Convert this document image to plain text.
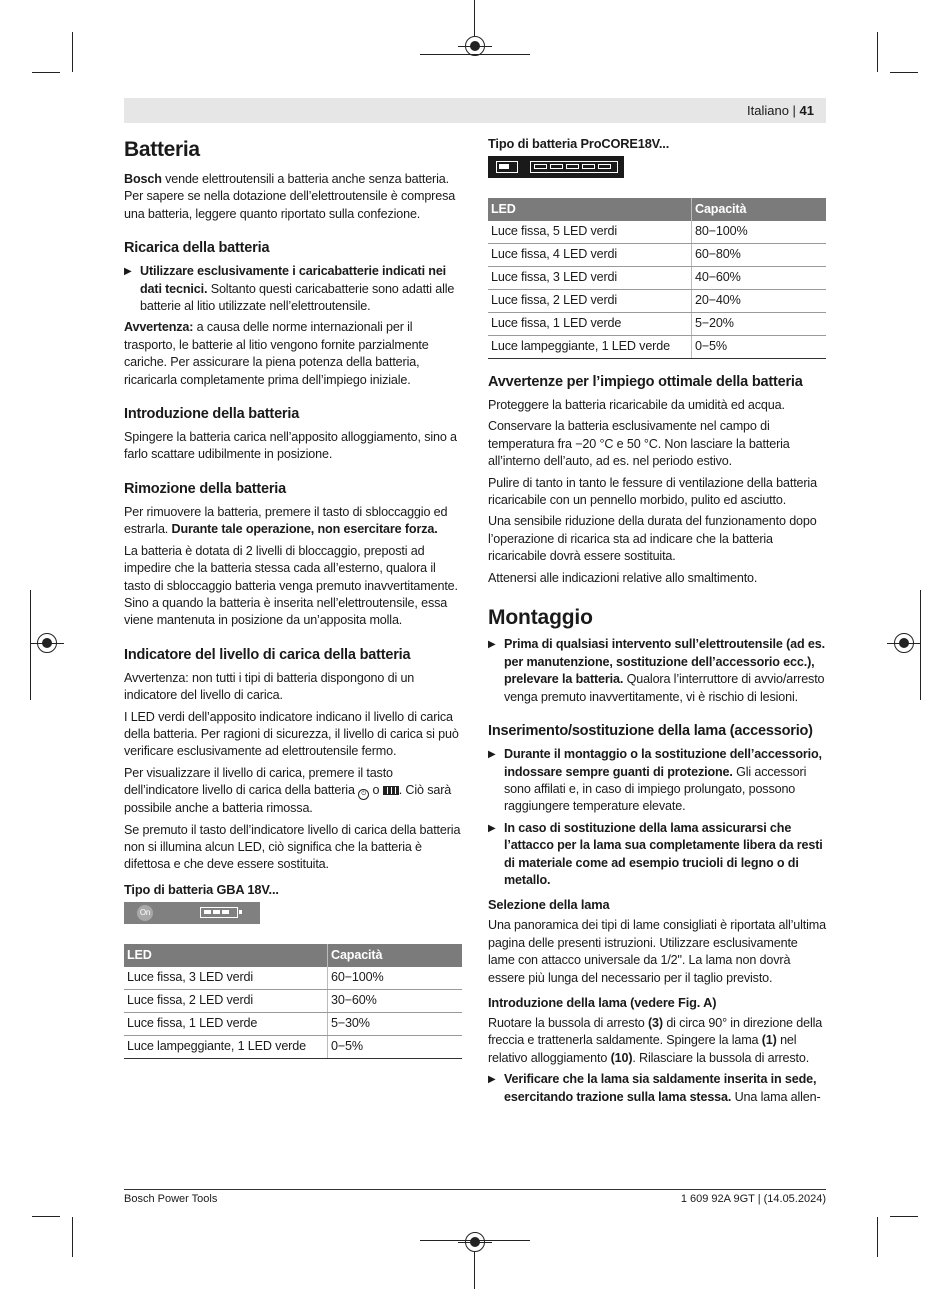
Italiano | 41
Batteria

Bosch vende elettroutensili a batteria anche senza batteria. Per sapere se nella dotazione dell’elettroutensile è compresa una batteria, leggere quanto riportato sulla confezione.

Ricarica della batteria
▶ Utilizzare esclusivamente i caricabatterie indicati nei dati tecnici. Soltanto questi caricabatterie sono adatti alle batterie al litio utilizzate nell’elettroutensile.

Avvertenza: a causa delle norme internazionali per il trasporto, le batterie al litio vengono fornite parzialmente cariche. Per assicurare la piena potenza della batteria, ricaricarla completamente prima dell’impiego iniziale.

Introduzione della batteria

Spingere la batteria carica nell’apposito alloggiamento, sino a farlo scattare udibilmente in posizione.

Rimozione della batteria

Per rimuovere la batteria, premere il tasto di sbloccaggio ed estrarla. Durante tale operazione, non esercitare forza.

La batteria è dotata di 2 livelli di bloccaggio, preposti ad impedire che la batteria stessa cada all’esterno, qualora il tasto di sbloccaggio batteria venga premuto inavvertitamente. Sino a quando la batteria è inserita nell’elettroutensile, essa viene mantenuta in posizione da un’apposita molla.

Indicatore del livello di carica della batteria

Avvertenza: non tutti i tipi di batteria dispongono di un indicatore del livello di carica.

I LED verdi dell’apposito indicatore indicano il livello di carica della batteria. Per ragioni di sicurezza, il livello di carica si può verificare esclusivamente ad elettroutensile fermo.

Per visualizzare il livello di carica, premere il tasto dell’indicatore livello di carica della batteria ⏻ o . Ciò sarà possibile anche a batteria rimossa.

Se premuto il tasto dell’indicatore livello di carica della batteria non si illumina alcun LED, ciò significa che la batteria è difettosa e che deve essere sostituita.

Tipo di batteria GBA 18V...
On
LED	Capacità
Luce fissa, 3 LED verdi	60−100%
Luce fissa, 2 LED verdi	30−60%
Luce fissa, 1 LED verde	5−30%
Luce lampeggiante, 1 LED verde	0−5%
Tipo di batteria ProCORE18V...
LED	Capacità
Luce fissa, 5 LED verdi	80−100%
Luce fissa, 4 LED verdi	60−80%
Luce fissa, 3 LED verdi	40−60%
Luce fissa, 2 LED verdi	20−40%
Luce fissa, 1 LED verde	5−20%
Luce lampeggiante, 1 LED verde	0−5%
Avvertenze per l’impiego ottimale della batteria

Proteggere la batteria ricaricabile da umidità ed acqua.

Conservare la batteria esclusivamente nel campo di temperatura fra −20 °C e 50 °C. Non lasciare la batteria all’interno dell’auto, ad es. nel periodo estivo.

Pulire di tanto in tanto le fessure di ventilazione della batteria ricaricabile con un pennello morbido, pulito ed asciutto.

Una sensibile riduzione della durata del funzionamento dopo l’operazione di ricarica sta ad indicare che la batteria ricaricabile dovrà essere sostituita.

Attenersi alle indicazioni relative allo smaltimento.

Montaggio
▶ Prima di qualsiasi intervento sull’elettroutensile (ad es. per manutenzione, sostituzione dell’accessorio ecc.), prelevare la batteria. Qualora l’interruttore di avvio/arresto venga premuto inavvertitamente, vi è rischio di lesioni.
Inserimento/sostituzione della lama (accessorio)
▶ Durante il montaggio o la sostituzione dell’accessorio, indossare sempre guanti di protezione. Gli accessori sono affilati e, in caso di impiego prolungato, possono raggiungere temperature elevate.
▶ In caso di sostituzione della lama assicurarsi che l’attacco per la lama sua completamente libera da resti di materiale come ad esempio trucioli di legno o di metallo.
Selezione della lama

Una panoramica dei tipi di lame consigliati è riportata all’ultima pagina delle presenti istruzioni. Utilizzare esclusivamente lame con attacco universale da 1/2". La lama non dovrà essere più lunga del necessario per il taglio previsto.

Introduzione della lama (vedere Fig. A)

Ruotare la bussola di arresto (3) di circa 90° in direzione della freccia e trattenerla saldamente. Spingere la lama (1) nel relativo alloggiamento (10). Rilasciare la bussola di arresto.

▶ Verificare che la lama sia saldamente inserita in sede, esercitando trazione sulla lama stessa. Una lama allen-
Bosch Power Tools	1 609 92A 9GT | (14.05.2024)
